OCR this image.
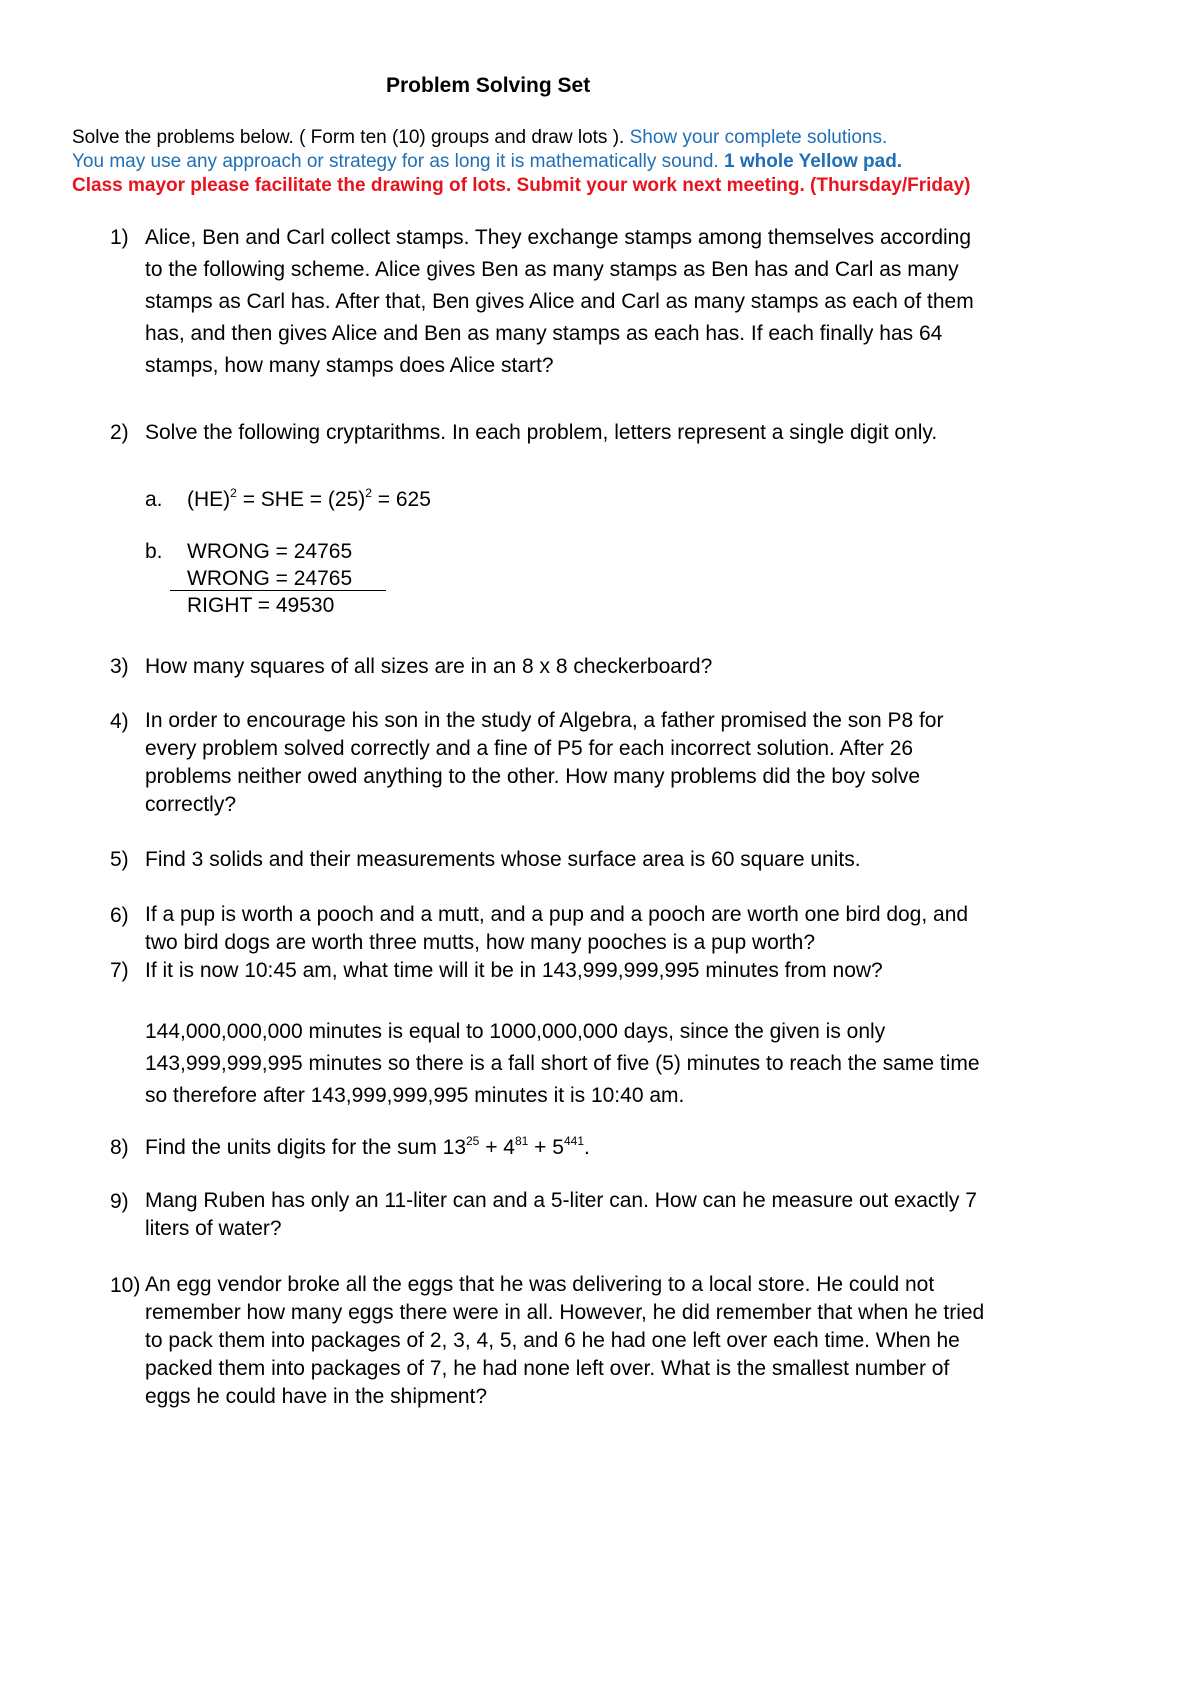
Problem Solving Set
Solve the problems below. ( Form ten (10) groups and draw lots ). Show your complete solutions.
You may use any approach or strategy for as long it is mathematically sound. 1 whole Yellow pad.
Class mayor please facilitate the drawing of lots. Submit your work next meeting. (Thursday/Friday)
1) Alice, Ben and Carl collect stamps. They exchange stamps among themselves according
to the following scheme. Alice gives Ben as many stamps as Ben has and Carl as many
stamps as Carl has. After that, Ben gives Alice and Carl as many stamps as each of them
has, and then gives Alice and Ben as many stamps as each has. If each finally has 64
stamps, how many stamps does Alice start?
2) Solve the following cryptarithms. In each problem, letters represent a single digit only.
a. (HE)$^2$ = SHE = $(25)^2 = 625$
b. WRONG = 24765
WRONG = 24765
RIGHT = 49530
3) How many squares of all sizes are in an 8 x 8 checkerboard?
4) In order to encourage his son in the study of Algebra, a father promised the son P8 for
every problem solved correctly and a fine of P5 for each incorrect solution. After 26
problems neither owed anything to the other. How many problems did the boy solve
correctly?
5) Find 3 solids and their measurements whose surface area is 60 square units.
6) If a pup is worth a pooch and a mutt, and a pup and a pooch are worth one bird dog, and
two bird dogs are worth three mutts, how many pooches is a pup worth?
7) If it is now 10:45 am, what time will it be in 143,999,999,995 minutes from now?
144,000,000,000 minutes is equal to 1000,000,000 days, since the given is only
143,999,999,995 minutes so there is a fall short of five (5) minutes to reach the same time
so therefore after 143,999,999,995 minutes it is 10:40 am.
8) Find the units digits for the sum $13^{25} + 4^{81} + 5^{441}$.
9) Mang Ruben has only an 11-liter can and a 5-liter can. How can he measure out exactly 7
liters of water?
10) An egg vendor broke all the eggs that he was delivering to a local store. He could not
remember how many eggs there were in all. However, he did remember that when he tried
to pack them into packages of 2, 3, 4, 5, and 6 he had one left over each time. When he
packed them into packages of 7, he had none left over. What is the smallest number of
eggs he could have in the shipment?
